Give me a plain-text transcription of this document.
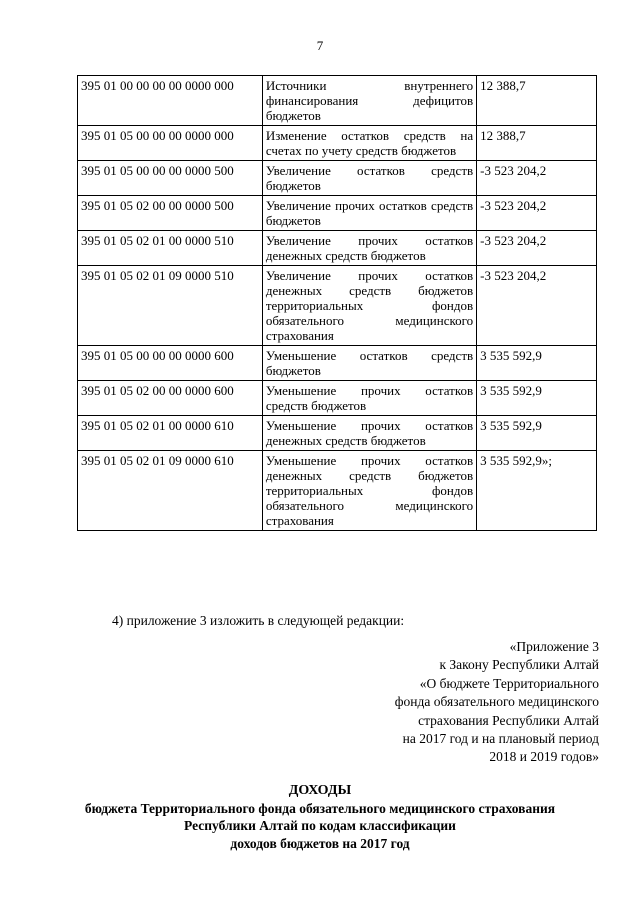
7
395 01 00 00 00 00 0000 000	Источники внутреннего финансирования дефицитов бюджетов	12 388,7
395 01 05 00 00 00 0000 000	Изменение остатков средств на счетах по учету средств бюджетов	12 388,7
395 01 05 00 00 00 0000 500	Увеличение остатков средств бюджетов	-3 523 204,2
395 01 05 02 00 00 0000 500	Увеличение прочих остатков средств бюджетов	-3 523 204,2
395 01 05 02 01 00 0000 510	Увеличение прочих остатков денежных средств бюджетов	-3 523 204,2
395 01 05 02 01 09 0000 510	Увеличение прочих остатков денежных средств бюджетов территориальных фондов обязательного медицинского страхования	-3 523 204,2
395 01 05 00 00 00 0000 600	Уменьшение остатков средств бюджетов	3 535 592,9
395 01 05 02 00 00 0000 600	Уменьшение прочих остатков средств бюджетов	3 535 592,9
395 01 05 02 01 00 0000 610	Уменьшение прочих остатков денежных средств бюджетов	3 535 592,9
395 01 05 02 01 09 0000 610	Уменьшение прочих остатков денежных средств бюджетов территориальных фондов обязательного медицинского страхования	3 535 592,9»;
4) приложение 3 изложить в следующей редакции:
«Приложение 3
к Закону Республики Алтай
«О бюджете Территориального
фонда обязательного медицинского
страхования Республики Алтай
на 2017 год и на плановый период
2018 и 2019 годов»
ДОХОДЫ
бюджета Территориального фонда обязательного медицинского страхования
Республики Алтай по кодам классификации
доходов бюджетов на 2017 год
